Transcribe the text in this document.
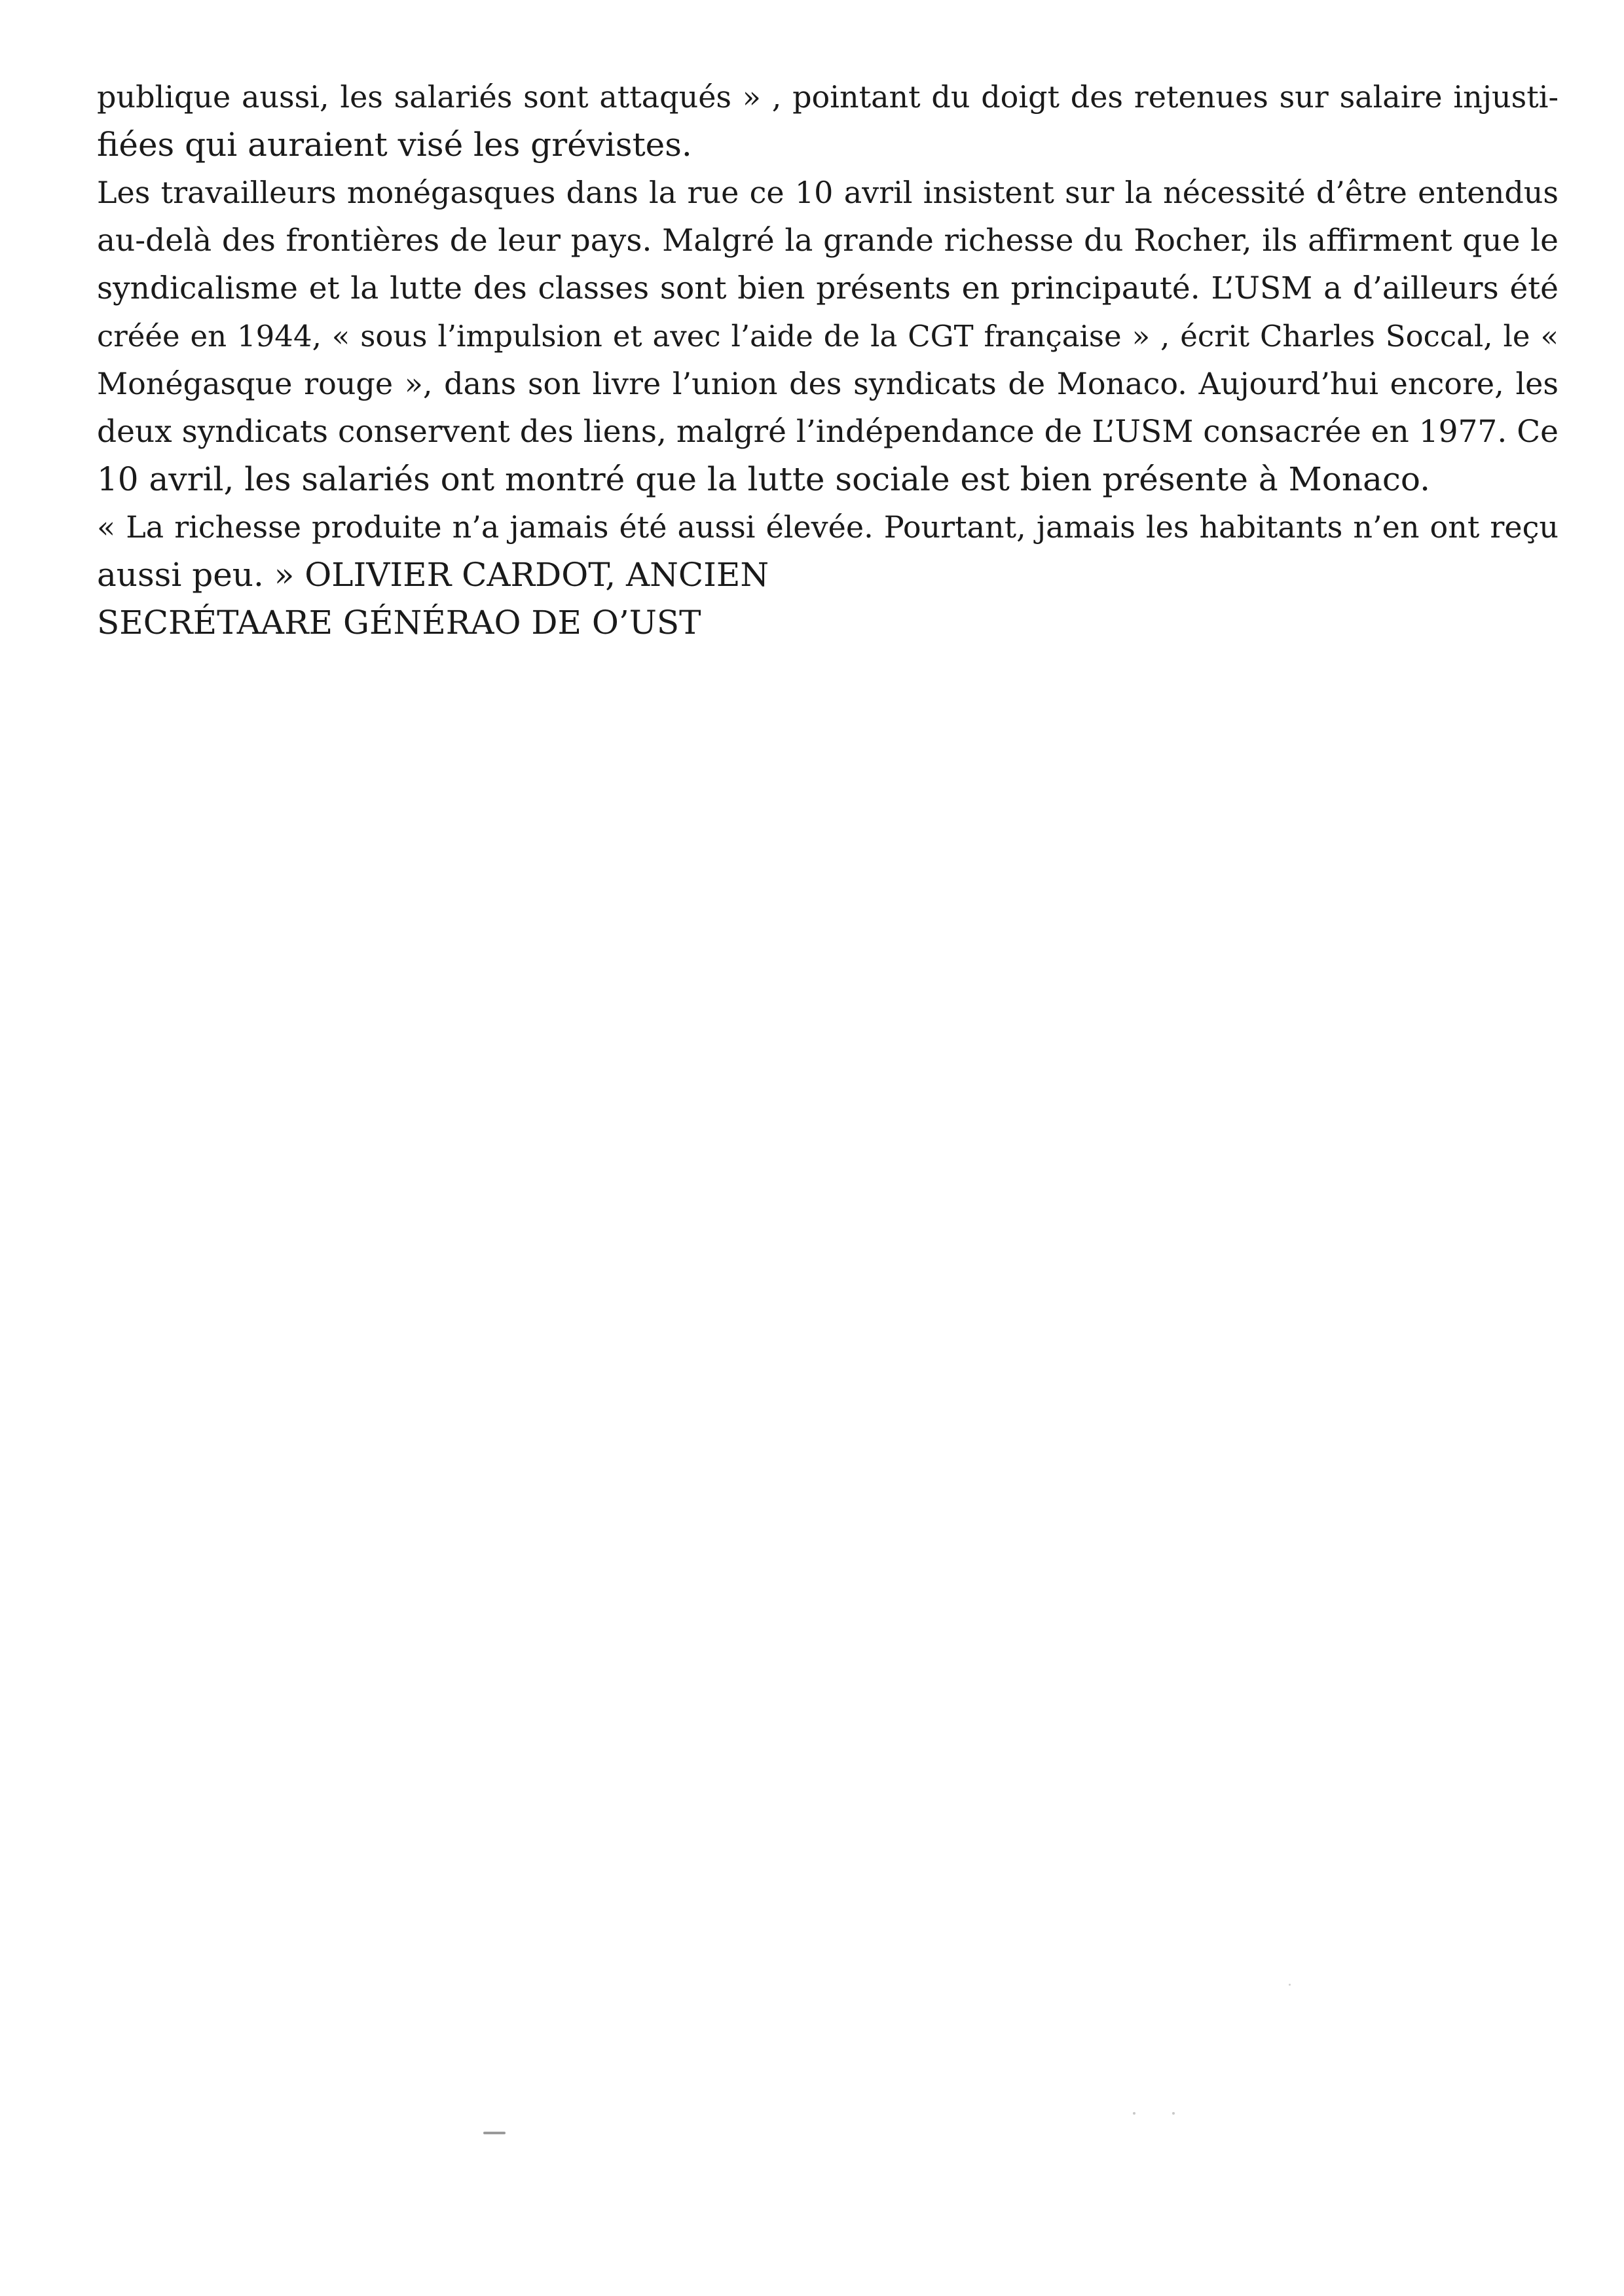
publique aussi, les salariés sont attaqués » , pointant du doigt des retenues sur salaire injusti-
fiées qui auraient visé les grévistes.
Les travailleurs monégasques dans la rue ce 10 avril insistent sur la nécessité d’être entendus
au-delà des frontières de leur pays. Malgré la grande richesse du Rocher, ils affirment que le
syndicalisme et la lutte des classes sont bien présents en principauté. L’USM a d’ailleurs été
créée en 1944, « sous l’impulsion et avec l’aide de la CGT française » , écrit Charles Soccal, le «
Monégasque rouge », dans son livre l’union des syndicats de Monaco. Aujourd’hui encore, les
deux syndicats conservent des liens, malgré l’indépendance de L’USM consacrée en 1977. Ce
10 avril, les salariés ont montré que la lutte sociale est bien présente à Monaco.
« La richesse produite n’a jamais été aussi élevée. Pourtant, jamais les habitants n’en ont reçu
aussi peu. » OLIVIER CARDOT, ANCIEN
SECRÉTAARE GÉNÉRAO DE O’UST
